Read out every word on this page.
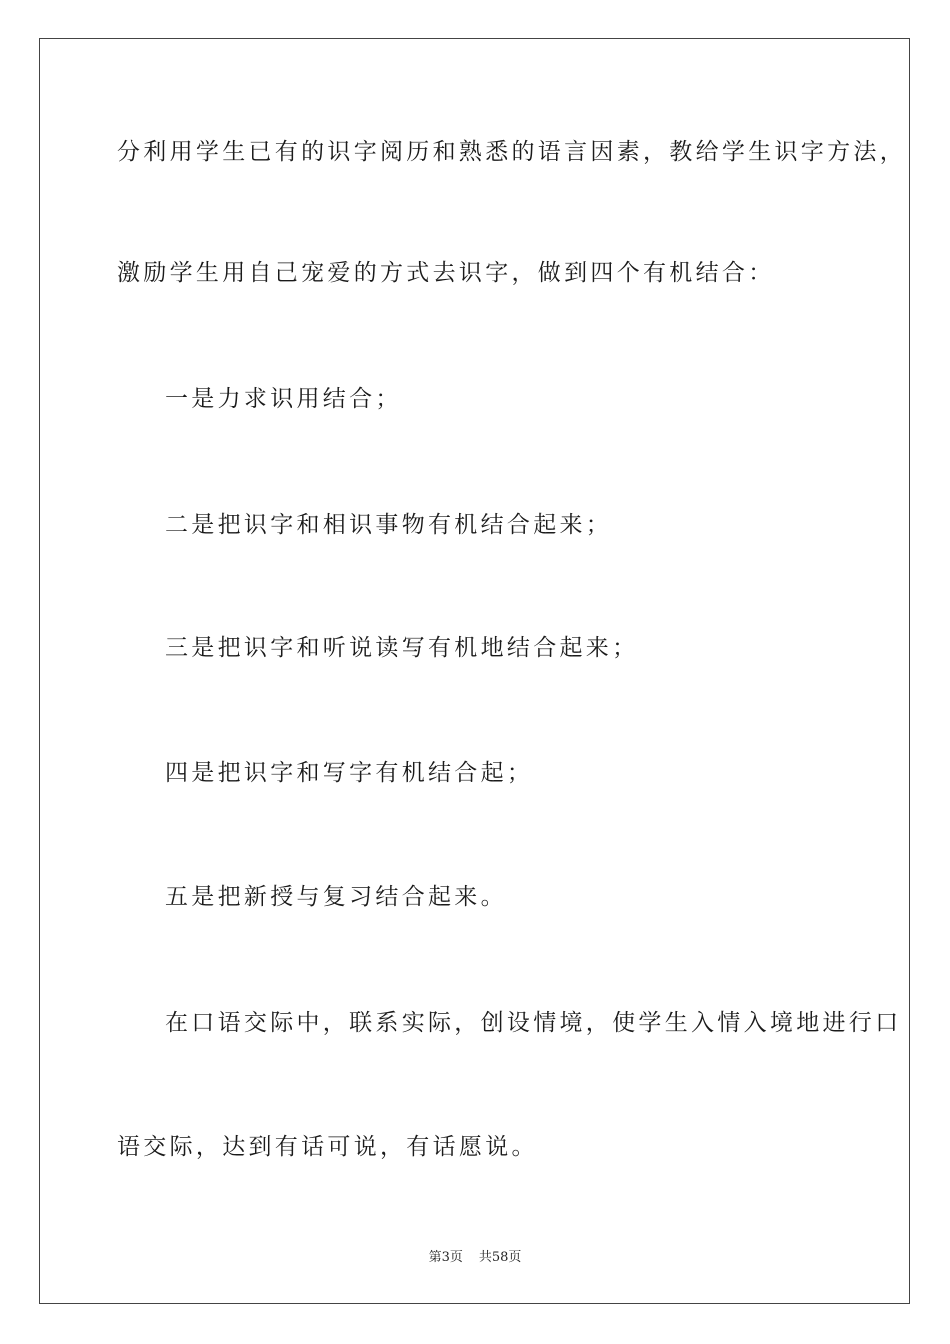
分利用学生已有的识字阅历和熟悉的语言因素，教给学生识字方法，
激励学生用自己宠爱的方式去识字，做到四个有机结合：
一是力求识用结合；
二是把识字和相识事物有机结合起来；
三是把识字和听说读写有机地结合起来；
四是把识字和写字有机结合起；
五是把新授与复习结合起来。
在口语交际中，联系实际，创设情境，使学生入情入境地进行口
语交际，达到有话可说，有话愿说。
第3页 共58页
